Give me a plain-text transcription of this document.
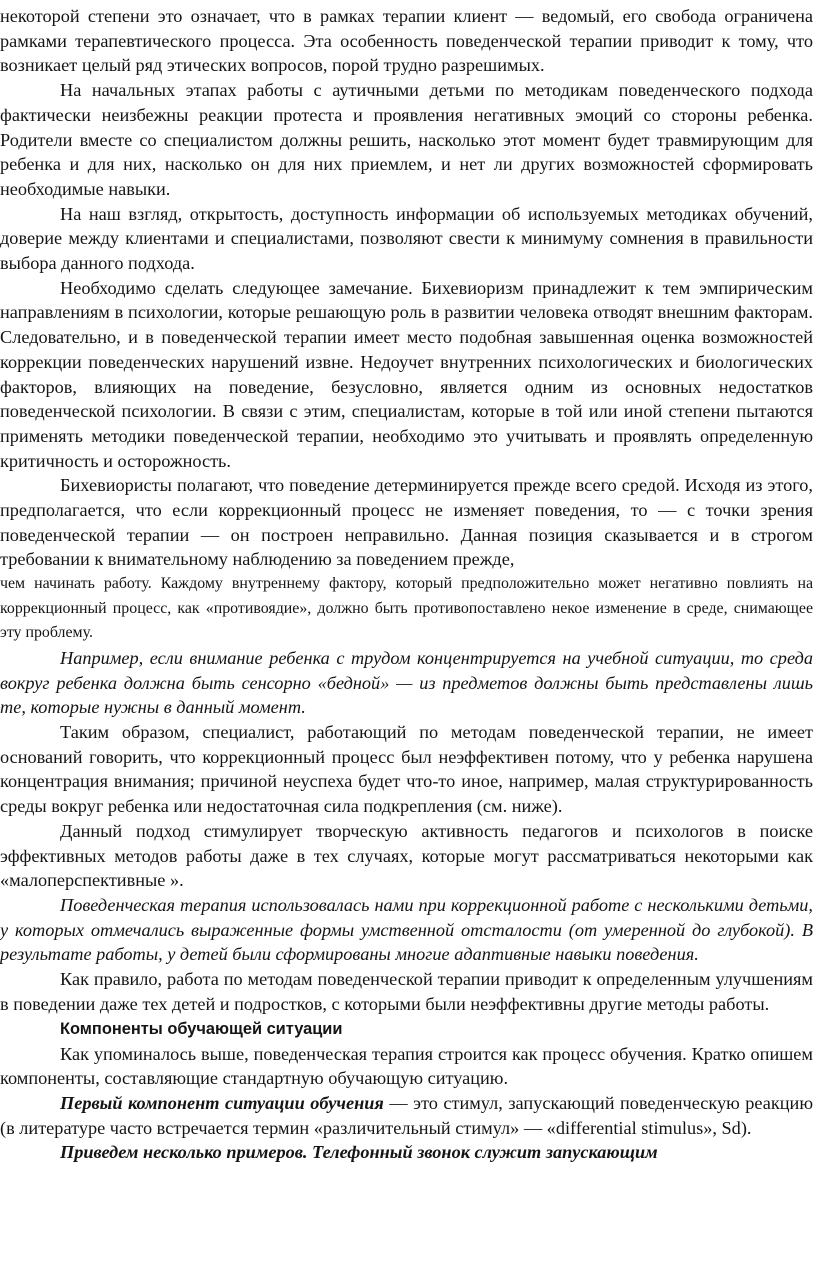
некоторой степени это означает, что в рамках терапии клиент — ведомый, его свобода ограничена рамками терапевтического процесса. Эта особенность поведенческой терапии приводит к тому, что возникает целый ряд этических вопросов, порой трудно разрешимых.

На начальных этапах работы с аутичными детьми по методикам поведенческого подхода фактически неизбежны реакции протеста и проявления негативных эмоций со стороны ребенка. Родители вместе со специалистом должны решить, насколько этот момент будет травмирующим для ребенка и для них, насколько он для них приемлем, и нет ли других возможностей сформировать необходимые навыки.

На наш взгляд, открытость, доступность информации об используемых методиках обучений, доверие между клиентами и специалистами, позволяют свести к минимуму сомнения в правильности выбора данного подхода.

Необходимо сделать следующее замечание. Бихевиоризм принадлежит к тем эмпирическим направлениям в психологии, которые решающую роль в развитии человека отводят внешним факторам. Следовательно, и в поведенческой терапии имеет место подобная завышенная оценка возможностей коррекции поведенческих нарушений извне. Недоучет внутренних психологических и биологических факторов, влияющих на поведение, безусловно, является одним из основных недостатков поведенческой психологии. В связи с этим, специалистам, которые в той или иной степени пытаются применять методики поведенческой терапии, необходимо это учитывать и проявлять определенную критичность и осторожность.

Бихевиористы полагают, что поведение детерминируется прежде всего средой. Исходя из этого, предполагается, что если коррекционный процесс не изменяет поведения, то — с точки зрения поведенческой терапии — он построен неправильно. Данная позиция сказывается и в строгом требовании к внимательному наблюдению за поведением прежде,

чем начинать работу. Каждому внутреннему фактору, который предположительно может негативно повлиять на коррекционный процесс, как «противоядие», должно быть противопоставлено некое изменение в среде, снимающее эту проблему.

Например, если внимание ребенка с трудом концентрируется на учебной ситуации, то среда вокруг ребенка должна быть сенсорно «бедной» — из предметов должны быть представлены лишь те, которые нужны в данный момент.

Таким образом, специалист, работающий по методам поведенческой терапии, не имеет оснований говорить, что коррекционный процесс был неэффективен потому, что у ребенка нарушена концентрация внимания; причиной неуспеха будет что-то иное, например, малая структурированность среды вокруг ребенка или недостаточная сила подкрепления (см. ниже).

Данный подход стимулирует творческую активность педагогов и психологов в поиске эффективных методов работы даже в тех случаях, которые могут рассматриваться некоторыми как «малоперспективные ».

Поведенческая терапия использовалась нами при коррекционной работе с несколькими детьми, у которых отмечались выраженные формы умственной отсталости (от умеренной до глубокой). В результате работы, у детей были сформированы многие адаптивные навыки поведения.

Как правило, работа по методам поведенческой терапии приводит к определенным улучшениям в поведении даже тех детей и подростков, с которыми были неэффективны другие методы работы.

Компоненты обучающей ситуации

Как упоминалось выше, поведенческая терапия строится как процесс обучения. Кратко опишем компоненты, составляющие стандартную обучающую ситуацию.

Первый компонент ситуации обучения — это стимул, запускающий поведенческую реакцию (в литературе часто встречается термин «различительный стимул» — «differential stimulus», Sd).

Приведем несколько примеров. Телефонный звонок служит запускающим
